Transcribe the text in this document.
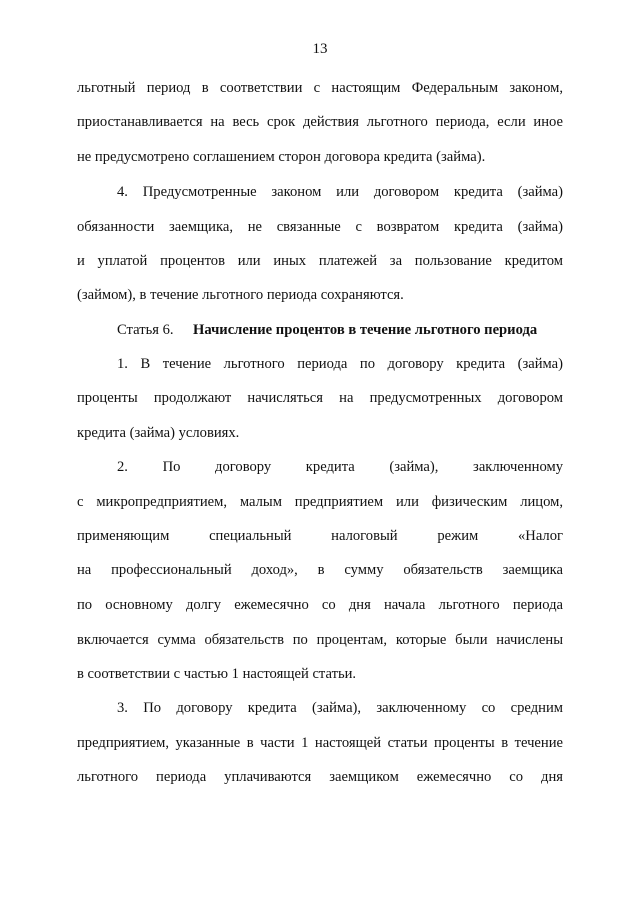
13
льготный период в соответствии с настоящим Федеральным законом,
приостанавливается на весь срок действия льготного периода, если иное
не предусмотрено соглашением сторон договора кредита (займа).
4. Предусмотренные законом или договором кредита (займа)
обязанности заемщика, не связанные с возвратом кредита (займа)
и уплатой процентов или иных платежей за пользование кредитом
(займом), в течение льготного периода сохраняются.
Статья 6. Начисление процентов в течение льготного периода
1. В течение льготного периода по договору кредита (займа)
проценты продолжают начисляться на предусмотренных договором
кредита (займа) условиях.
2. По договору кредита (займа), заключенному
с микропредприятием, малым предприятием или физическим лицом,
применяющим специальный налоговый режим «Налог
на профессиональный доход», в сумму обязательств заемщика
по основному долгу ежемесячно со дня начала льготного периода
включается сумма обязательств по процентам, которые были начислены
в соответствии с частью 1 настоящей статьи.
3. По договору кредита (займа), заключенному со средним
предприятием, указанные в части 1 настоящей статьи проценты в течение
льготного периода уплачиваются заемщиком ежемесячно со дня
